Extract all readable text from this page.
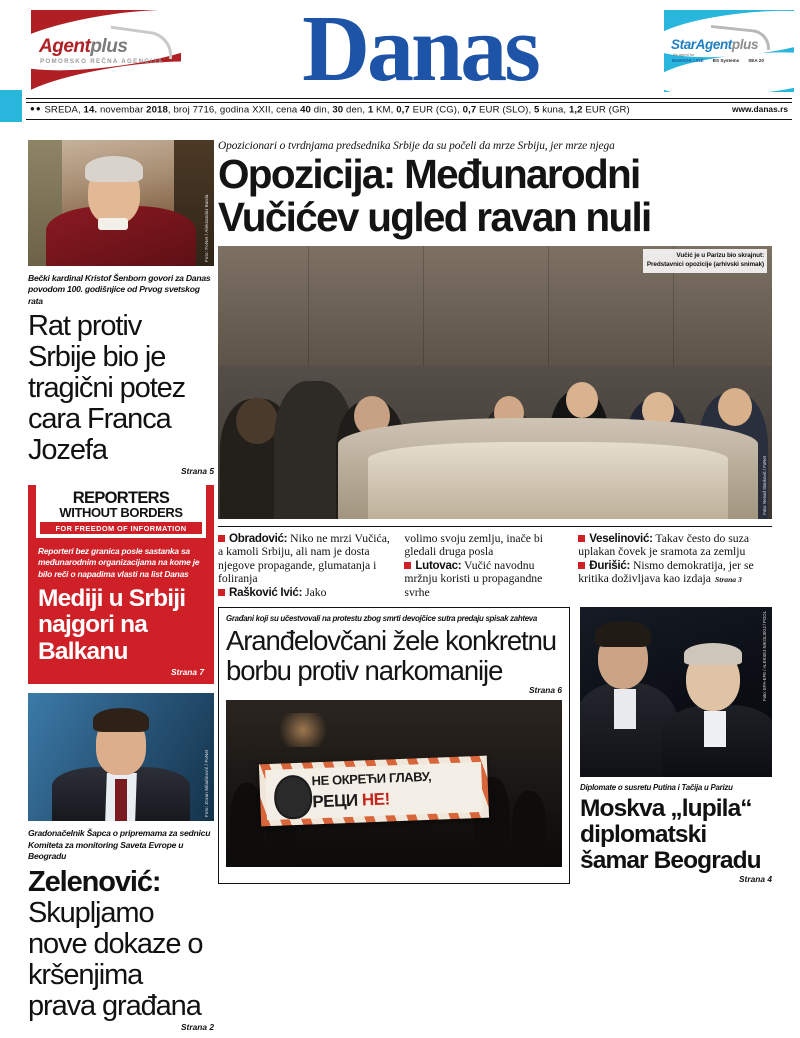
Agentplus
POMORSKO REČNA AGENCIJA
www.agentplus-group.com	Danas	StarAgentplus
As agent for
MAERSK LINE BS Systems SEA 20
www.starago.com
●● SREDA, 14. novembar 2018, broj 7716, godina XXII, cena 40 din, 30 den, 1 KM, 0,7 EUR (CG), 0,7 EUR (SLO), 5 kuna, 1,2 EUR (GR)	www.danas.rs
Foto: FoNet / Aleksandar Barda
Bečki kardinal Kristof Šenborn govori za Danas povodom 100. godišnjice od Prvog svetskog rata
Rat protiv Srbije bio je tragični potez cara Franca Jozefa
Strana 5
REPORTERS
WITHOUT BORDERS
FOR FREEDOM OF INFORMATION
Reporteri bez granica posle sastanka sa međunarodnim organizacijama na kome je bilo reči o napadima vlasti na list Danas
Mediji u Srbiji najgori na Balkanu
Strana 7
Foto: Zoran Miladinović / FoNet
Gradonačelnik Šapca o pripremama za sednicu Komiteta za monitoring Saveta Evrope u Beogradu
Zelenović: Skupljamo nove dokaze o kršenjima prava građana
Strana 2
Opozicionari o tvrdnjama predsednika Srbije da su počeli da mrze Srbiju, jer mrze njega
Opozicija: Međunarodni
Vučićev ugled ravan nuli
Vučić je u Parizu bio skrajnut: Predstavnici opozicije (arhivski snimak)
Foto: Nenad Stanković / FoNet
Obradović: Niko ne mrzi Vučića, a kamoli Srbiju, ali nam je dosta njegove propagande, glumatanja i foliranja
Rašković Ivić: Jako
volimo svoju zemlju, inače bi gledali druga posla
Lutovac: Vučić navodnu mržnju koristi u propagandne svrhe
Veselinović: Takav često do suza uplakan čovek je sramota za zemlju
Đurišić: Nismo demokratija, jer se kritika doživljava kao izdaja Strana 3
Građani koji su učestvovali na protestu zbog smrti devojčice sutra predaju spisak zahteva
Aranđelovčani žele konkretnu borbu protiv narkomanije
Strana 6
НЕ ОКРЕЋИ ГЛАВУ,
РЕЦИ НЕ!
Foto: EPA-EFE / ALEKSEJ NIKOLSKIJ / POOL
Diplomate o susretu Putina i Tačija u Parizu
Moskva „lupila“ diplomatski šamar Beogradu
Strana 4
